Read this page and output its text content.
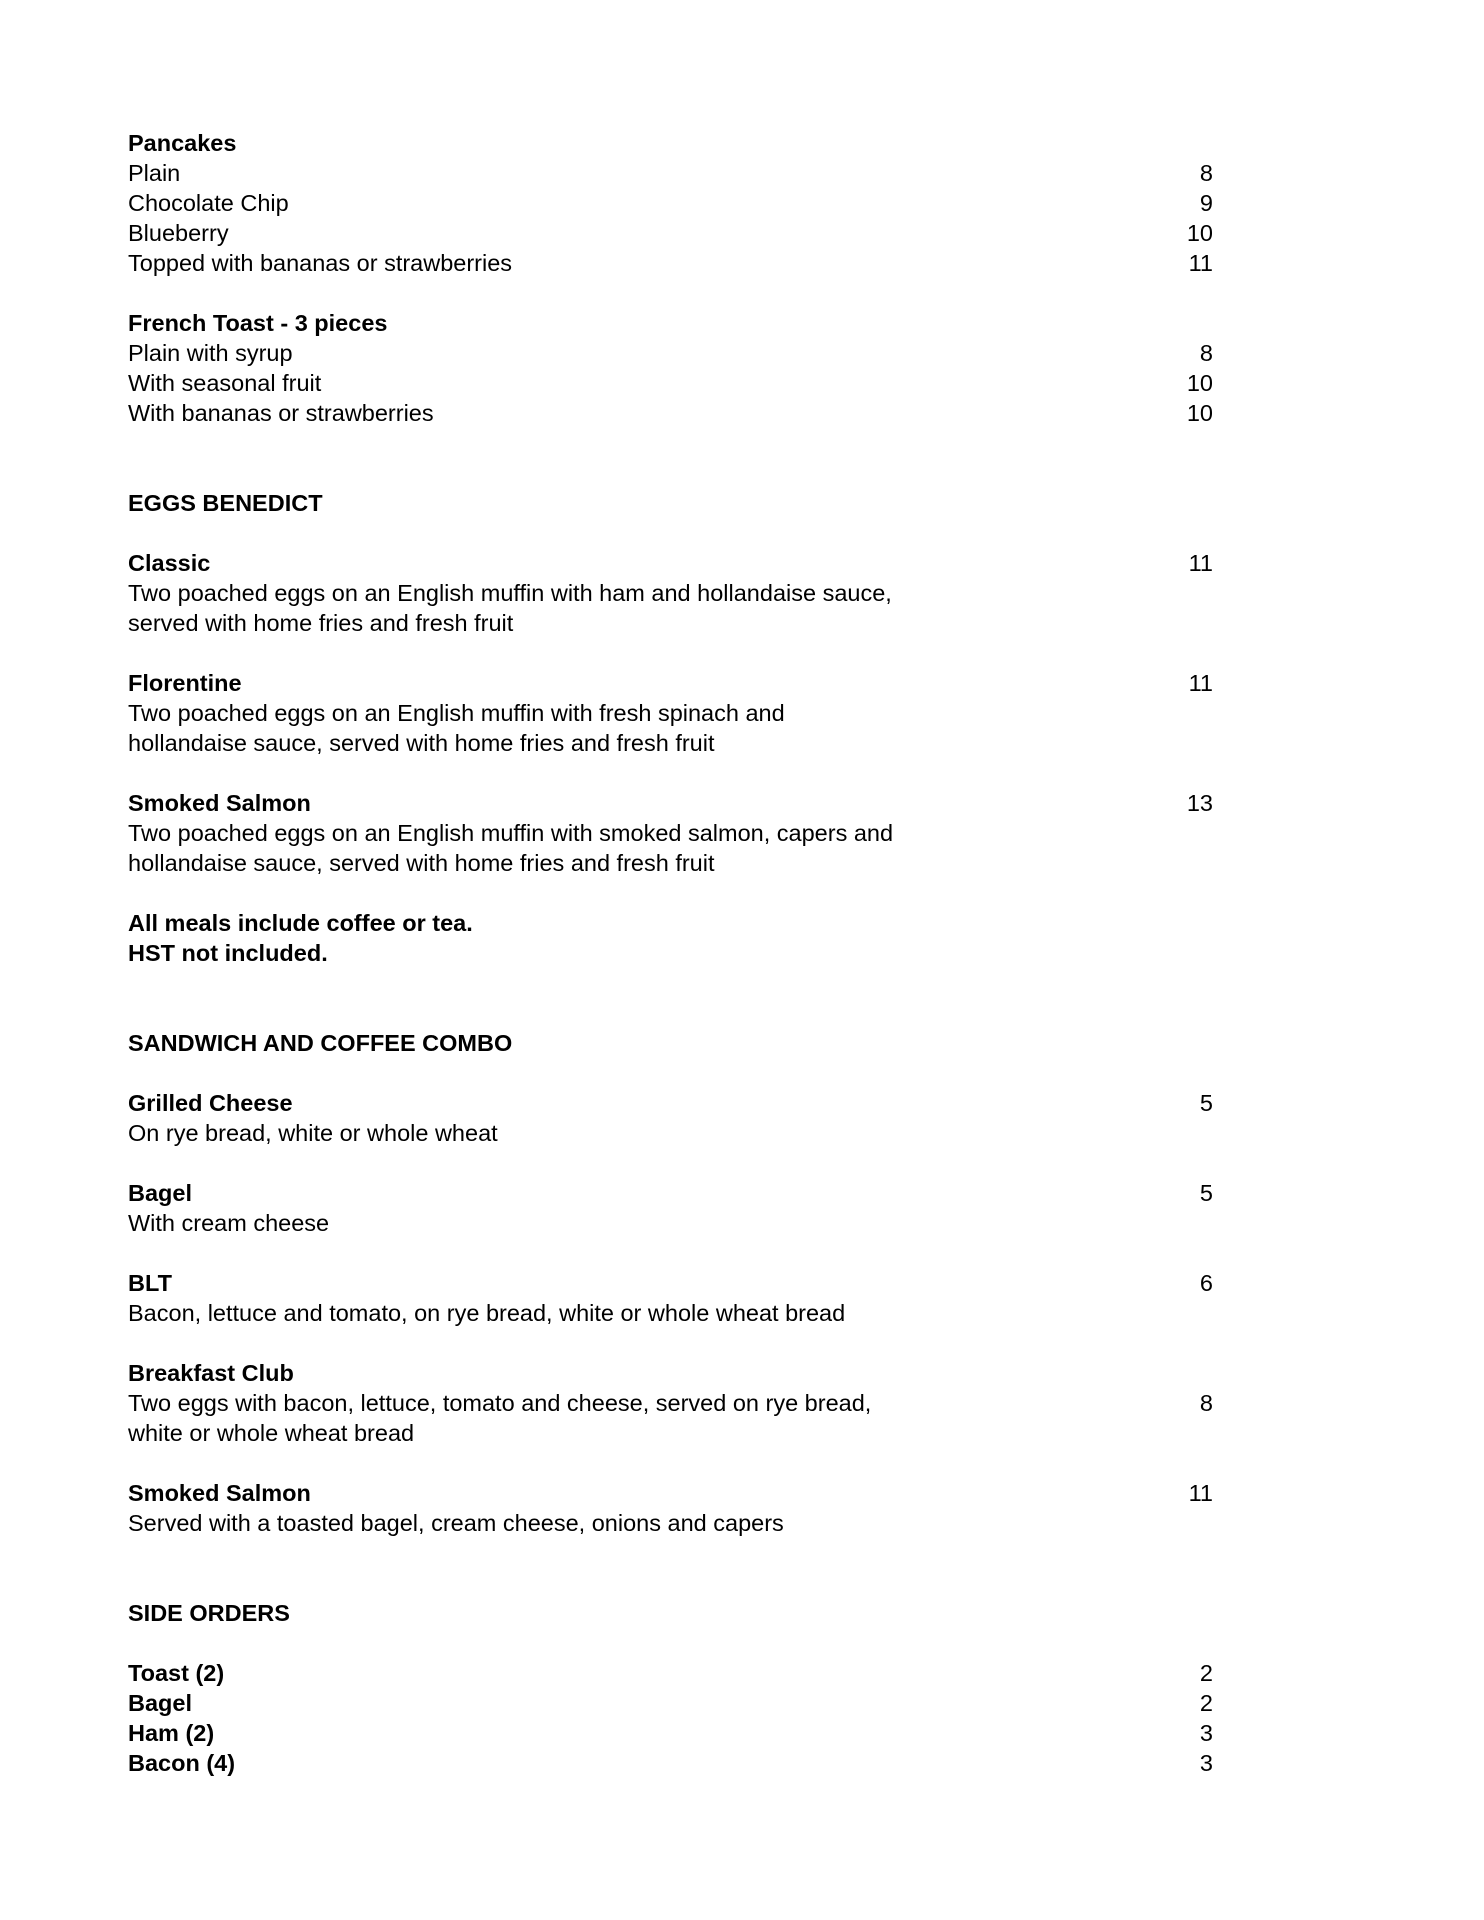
Pancakes
Plain	8
Chocolate Chip	9
Blueberry	10
Topped with bananas or strawberries	11
French Toast - 3 pieces
Plain with syrup	8
With seasonal fruit	10
With bananas or strawberries	10
EGGS BENEDICT
Classic	11
Two poached eggs on an English muffin with ham and hollandaise sauce,
served with home fries and fresh fruit
Florentine	11
Two poached eggs on an English muffin with fresh spinach and
hollandaise sauce, served with home fries and fresh fruit
Smoked Salmon	13
Two poached eggs on an English muffin with smoked salmon, capers and
hollandaise sauce, served with home fries and fresh fruit
All meals include coffee or tea.
HST not included.
SANDWICH AND COFFEE COMBO
Grilled Cheese	5
On rye bread, white or whole wheat
Bagel	5
With cream cheese
BLT	6
Bacon, lettuce and tomato, on rye bread, white or whole wheat bread
Breakfast Club
Two eggs with bacon, lettuce, tomato and cheese, served on rye bread,	8
white or whole wheat bread
Smoked Salmon	11
Served with a toasted bagel, cream cheese, onions and capers
SIDE ORDERS
Toast (2)	2
Bagel	2
Ham (2)	3
Bacon (4)	3
